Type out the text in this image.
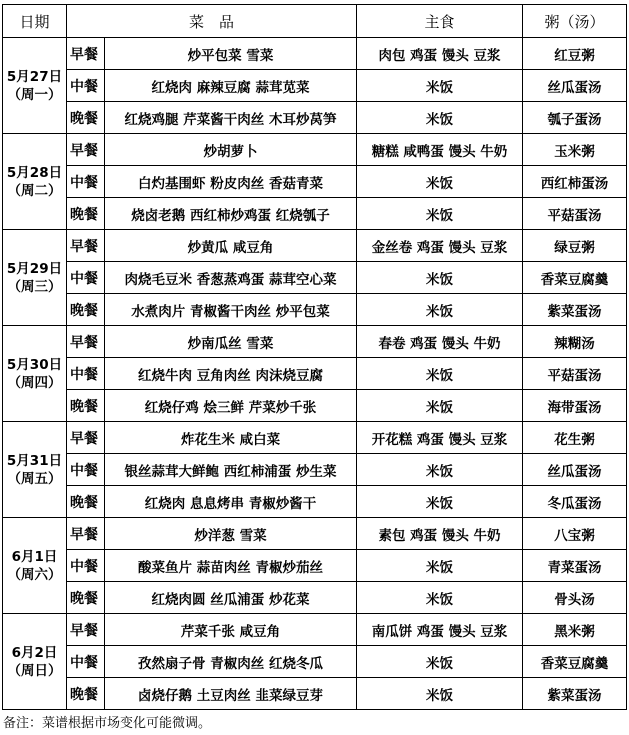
日期	菜　品		主食	粥（汤）
5月27日
（周一）	早餐	炒平包菜 雪菜	肉包 鸡蛋 馒头 豆浆	红豆粥
	中餐	红烧肉 麻辣豆腐 蒜茸苋菜	米饭	丝瓜蛋汤
	晚餐	红烧鸡腿 芹菜酱干肉丝 木耳炒莴笋	米饭	瓠子蛋汤
5月28日
（周二）	早餐	炒胡萝卜	糖糕 咸鸭蛋 馒头 牛奶	玉米粥
	中餐	白灼基围虾 粉皮肉丝 香菇青菜	米饭	西红柿蛋汤
	晚餐	烧卤老鹅 西红柿炒鸡蛋 红烧瓠子	米饭	平菇蛋汤
5月29日
（周三）	早餐	炒黄瓜 咸豆角	金丝卷 鸡蛋 馒头 豆浆	绿豆粥
	中餐	肉烧毛豆米 香葱蒸鸡蛋 蒜茸空心菜	米饭	香菜豆腐羹
	晚餐	水煮肉片 青椒酱干肉丝 炒平包菜	米饭	紫菜蛋汤
5月30日
（周四）	早餐	炒南瓜丝 雪菜	春卷 鸡蛋 馒头 牛奶	辣糊汤
	中餐	红烧牛肉 豆角肉丝 肉沫烧豆腐	米饭	平菇蛋汤
	晚餐	红烧仔鸡 烩三鲜 芹菜炒千张	米饭	海带蛋汤
5月31日
（周五）	早餐	炸花生米 咸白菜	开花糕 鸡蛋 馒头 豆浆	花生粥
	中餐	银丝蒜茸大鲜鲍 西红柿浦蛋 炒生菜	米饭	丝瓜蛋汤
	晚餐	红烧肉 息息烤串 青椒炒酱干	米饭	冬瓜蛋汤
6月1日
（周六）	早餐	炒洋葱 雪菜	素包 鸡蛋 馒头 牛奶	八宝粥
	中餐	酸菜鱼片 蒜苗肉丝 青椒炒茄丝	米饭	青菜蛋汤
	晚餐	红烧肉圆 丝瓜浦蛋 炒花菜	米饭	骨头汤
6月2日
（周日）	早餐	芹菜千张 咸豆角	南瓜饼 鸡蛋 馒头 豆浆	黑米粥
	中餐	孜然扇子骨 青椒肉丝 红烧冬瓜	米饭	香菜豆腐羹
	晚餐	卤烧仔鹅 土豆肉丝 韭菜绿豆芽	米饭	紫菜蛋汤
备注：菜谱根据市场变化可能微调。
